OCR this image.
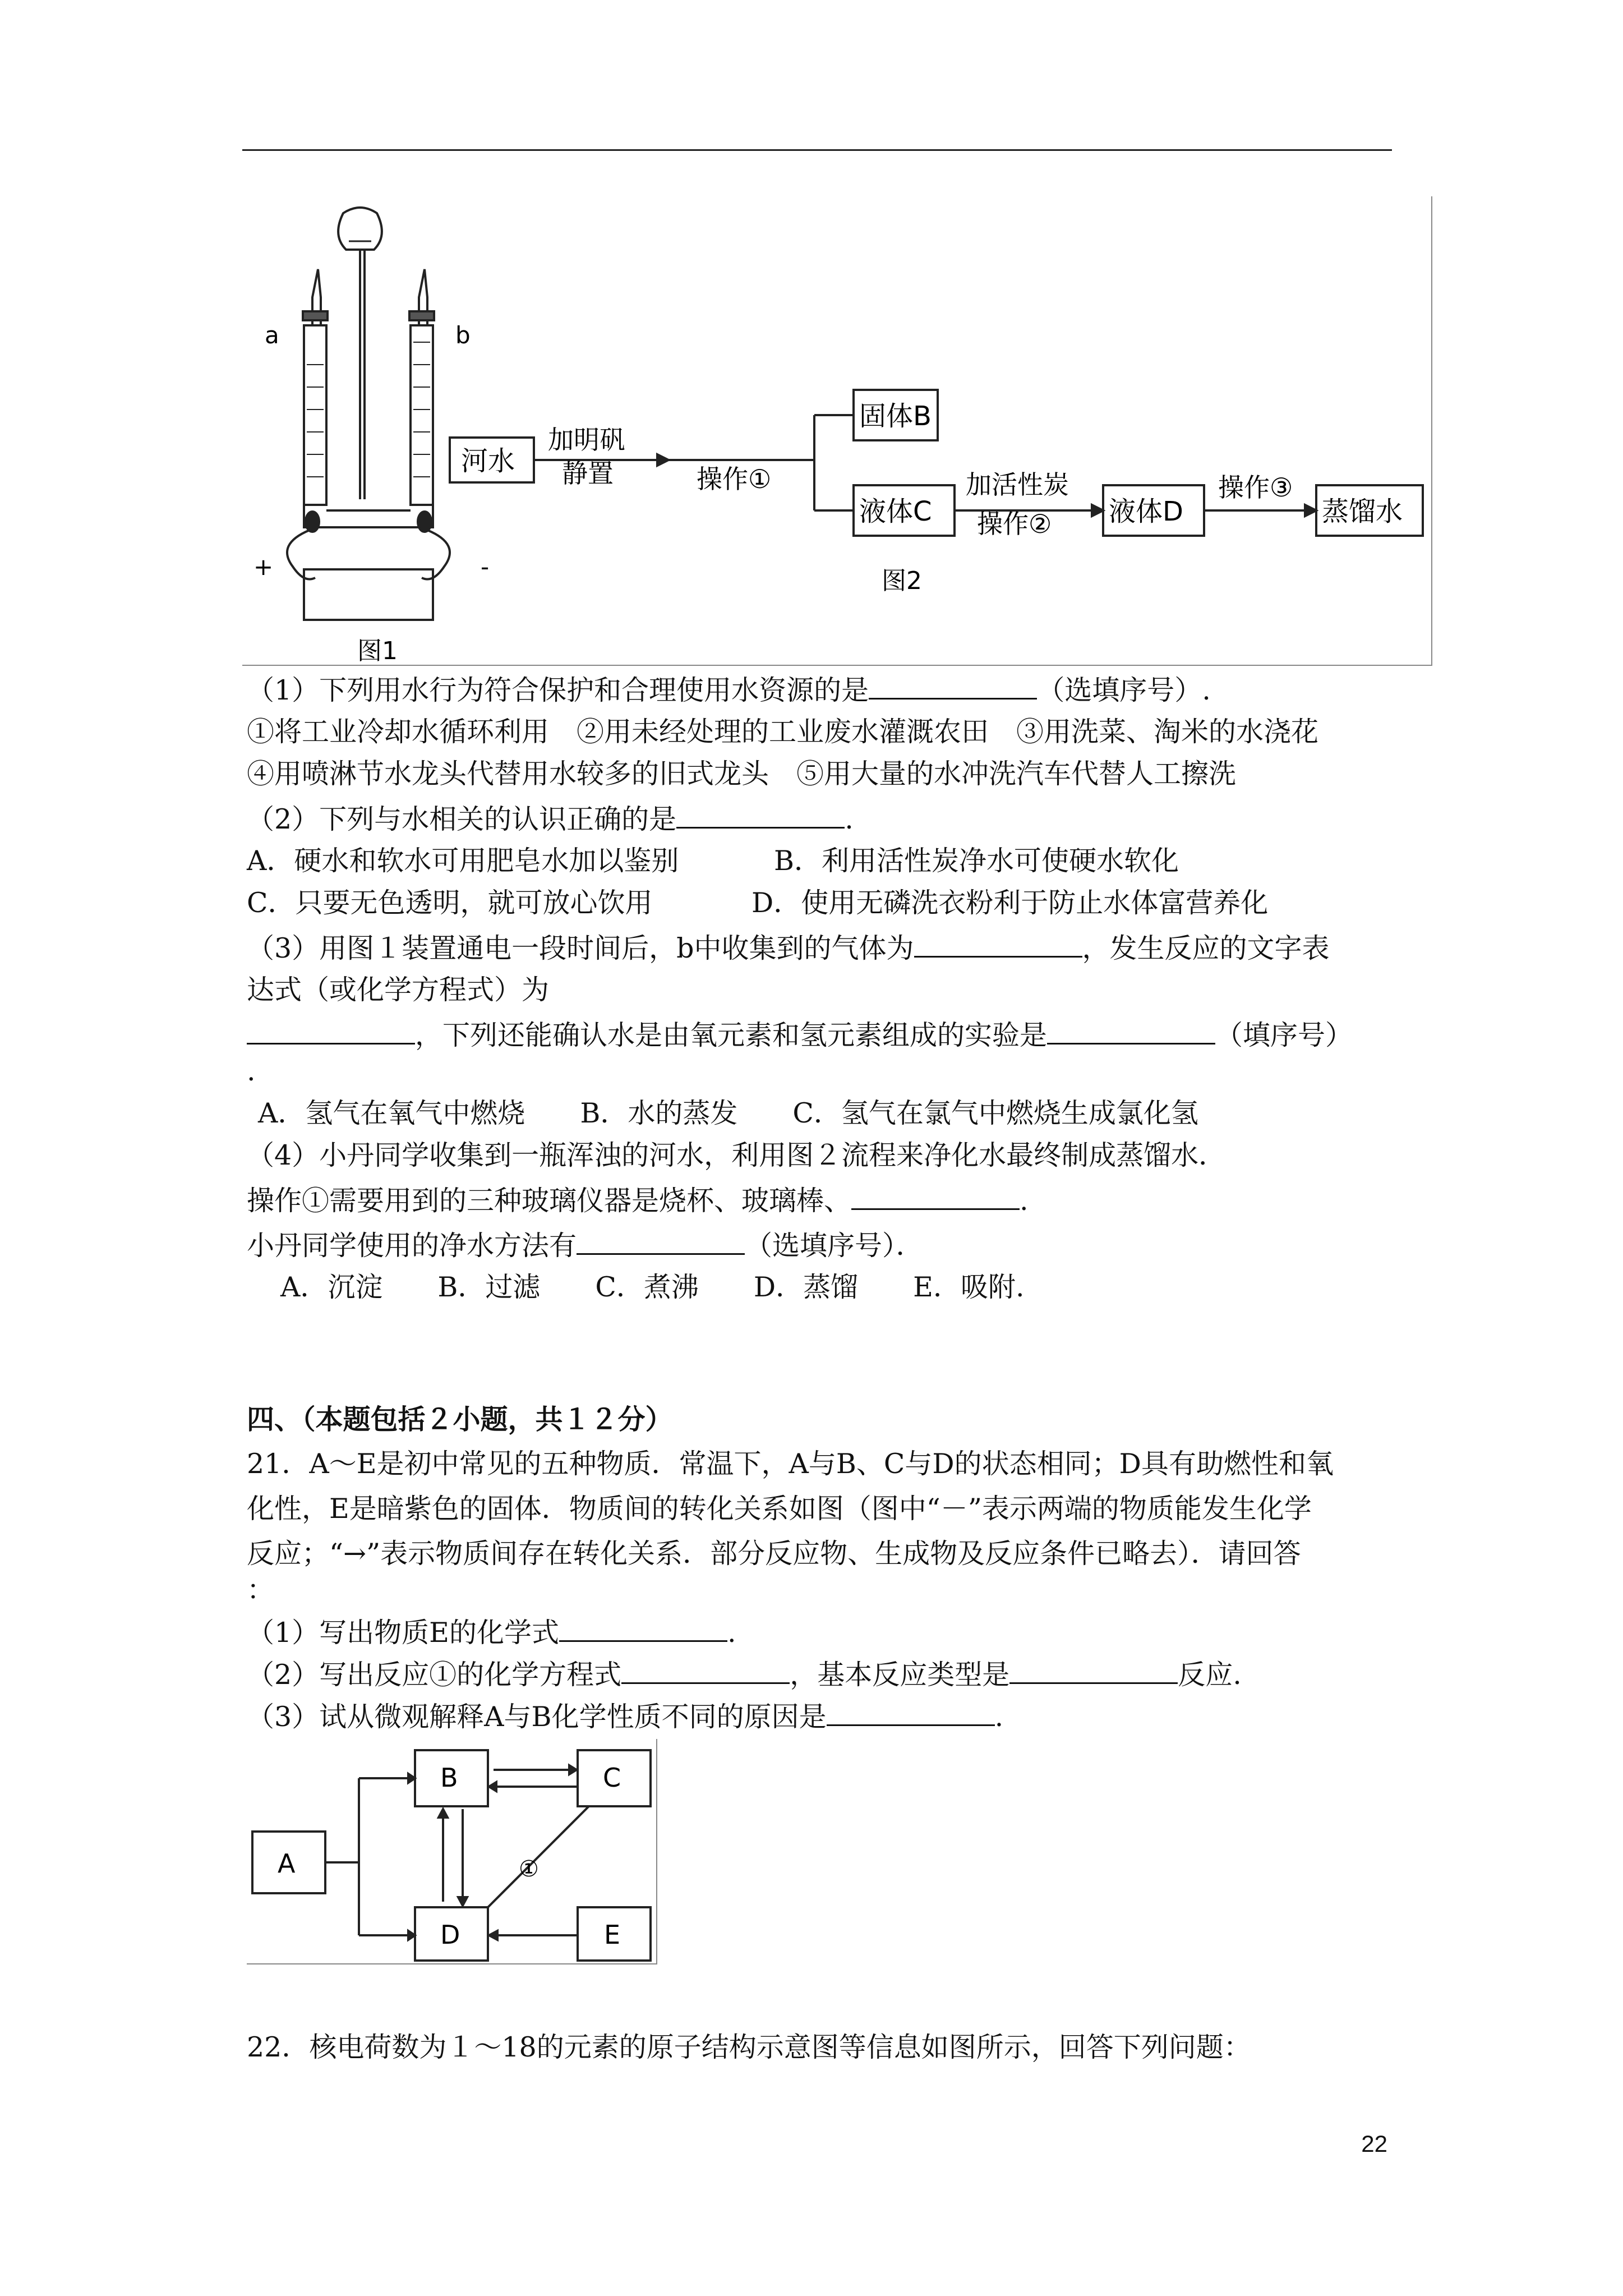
a	b
+	-
图1
河水
加明矾
静置	操作①
固体B
液体C
加活性炭
操作② 液体D
操作③
蒸馏水
图2
（1）下列用水行为符合保护和合理使用水资源的是	（选填序号）.
①将工业冷却水循环利用　②用未经处理的工业废水灌溉农田　③用洗菜、淘米的水浇花
④用喷淋节水龙头代替用水较多的旧式龙头　⑤用大量的水冲洗汽车代替人工擦洗
（2）下列与水相关的认识正确的是	.
A．硬水和软水可用肥皂水加以鉴别	B．利用活性炭净水可使硬水软化
C．只要无色透明，就可放心饮用	D．使用无磷洗衣粉利于防止水体富营养化
（3）用图１装置通电一段时间后，b中收集到的气体为	，发生反应的文字表
达式（或化学方程式）为
，下列还能确认水是由氧元素和氢元素组成的实验是	（填序号）
.
A．氢气在氧气中燃烧　　B．水的蒸发　　C．氢气在氯气中燃烧生成氯化氢
（4）小丹同学收集到一瓶浑浊的河水，利用图２流程来净化水最终制成蒸馏水．
操作①需要用到的三种玻璃仪器是烧杯、玻璃棒、	.
小丹同学使用的净水方法有	（选填序号）．
A．沉淀　　B．过滤　　C．煮沸　　D．蒸馏　　E．吸附.
四、（本题包括２小题，共１２分）
21．A～E是初中常见的五种物质．常温下，A与B、C与D的状态相同；D具有助燃性和氧
化性，E是暗紫色的固体．物质间的转化关系如图（图中“－”表示两端的物质能发生化学
反应；“→”表示物质间存在转化关系．部分反应物、生成物及反应条件已略去）．请回答
：
（1）写出物质E的化学式	.
（2）写出反应①的化学方程式	，基本反应类型是	反应.
（3）试从微观解释A与B化学性质不同的原因是	.
A
B	C
D	E
①
22．核电荷数为１～18的元素的原子结构示意图等信息如图所示，回答下列问题：
22
